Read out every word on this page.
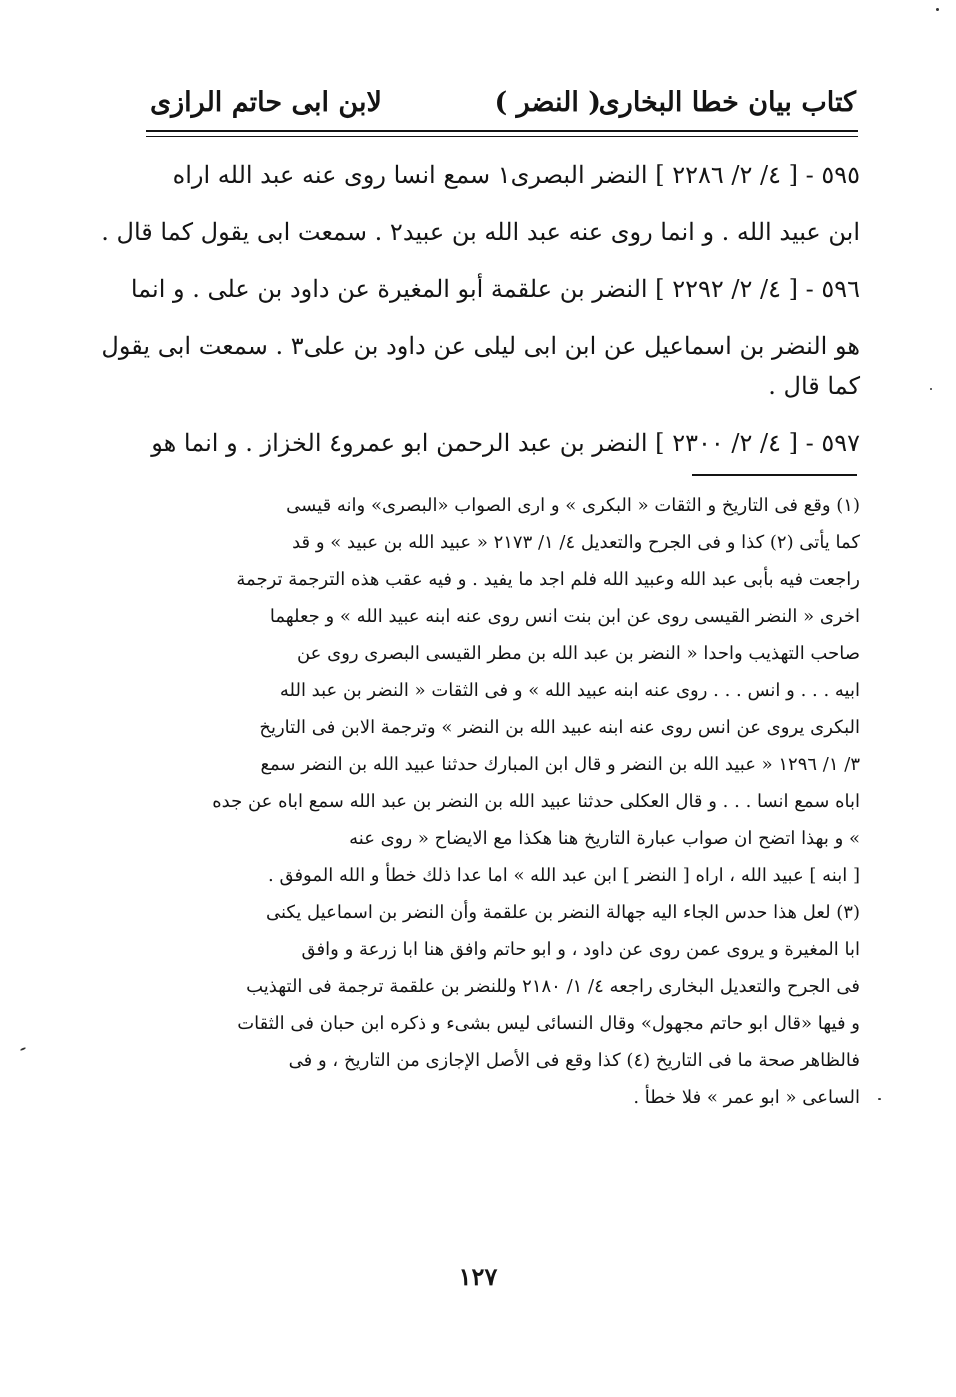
كتاب بيان خطا البخارى
( النضر )
لابن ابى حاتم الرازى
٥٩٥ - [ ٤/ ٢/ ٢٢٨٦ ] النضر البصرى١ سمع انسا روى عنه عبد الله اراه
ابن عبيد الله . و انما روى عنه عبد الله بن عبيد٢ . سمعت ابى يقول كما قال .
٥٩٦ - [ ٤/ ٢/ ٢٢٩٢ ] النضر بن علقمة أبو المغيرة عن داود بن على . و انما
هو النضر بن اسماعيل عن ابن ابى ليلى عن داود بن على٣ . سمعت ابى يقول
كما قال .
٥٩٧ - [ ٤/ ٢/ ٢٣٠٠ ] النضر بن عبد الرحمن ابو عمرو٤ الخزاز . و انما هو
(١) وقع فى التاريخ و الثقات « البكرى » و ارى الصواب «البصرى» وانه قيسى
كما يأتى (٢) كذا و فى الجرح والتعديل ٤/ ١/ ٢١٧٣ « عبيد الله بن عبيد » و قد
راجعت فيه بأبى عبد الله وعبيد الله فلم اجد ما يفيد . و فيه عقب هذه الترجمة ترجمة
اخرى « النضر القيسى روى عن ابن بنت انس روى عنه ابنه عبيد الله » و جعلهما
صاحب التهذيب واحدا « النضر بن عبد الله بن مطر القيسى البصرى روى عن
ابيه . . . و انس . . . روى عنه ابنه عبيد الله » و فى الثقات « النضر بن عبد الله
البكرى يروى عن انس روى عنه ابنه عبيد الله بن النضر » وترجمة الابن فى التاريخ
٣/ ١/ ١٢٩٦ « عبيد الله بن النضر و قال ابن المبارك حدثنا عبيد الله بن النضر سمع
اباه سمع انسا . . . و قال العكلى حدثنا عبيد الله بن النضر بن عبد الله سمع اباه عن جده
» و بهذا اتضح ان صواب عبارة التاريخ هنا هكذا مع الايضاح « روى عنه
[ ابنه ] عبيد الله ، اراه [ النضر ] ابن عبد الله » اما عدا ذلك خطأ و الله الموفق .
(٣) لعل هذا حدس الجاء اليه جهالة النضر بن علقمة وأن النضر بن اسماعيل يكنى
ابا المغيرة و يروى عمن روى عن داود ، و ابو حاتم وافق هنا ابا زرعة و وافق
فى الجرح والتعديل البخارى راجعه ٤/ ١/ ٢١٨٠ وللنضر بن علقمة ترجمة فى التهذيب
و فيها «قال ابو حاتم مجهول» وقال النسائى ليس بشىء و ذكره ابن حبان فى الثقات
فالظاهر صحة ما فى التاريخ (٤) كذا وقع فى الأصل الإجازى من التاريخ ، و فى
الساعى « ابو عمر » فلا خطأ .
١٢٧
